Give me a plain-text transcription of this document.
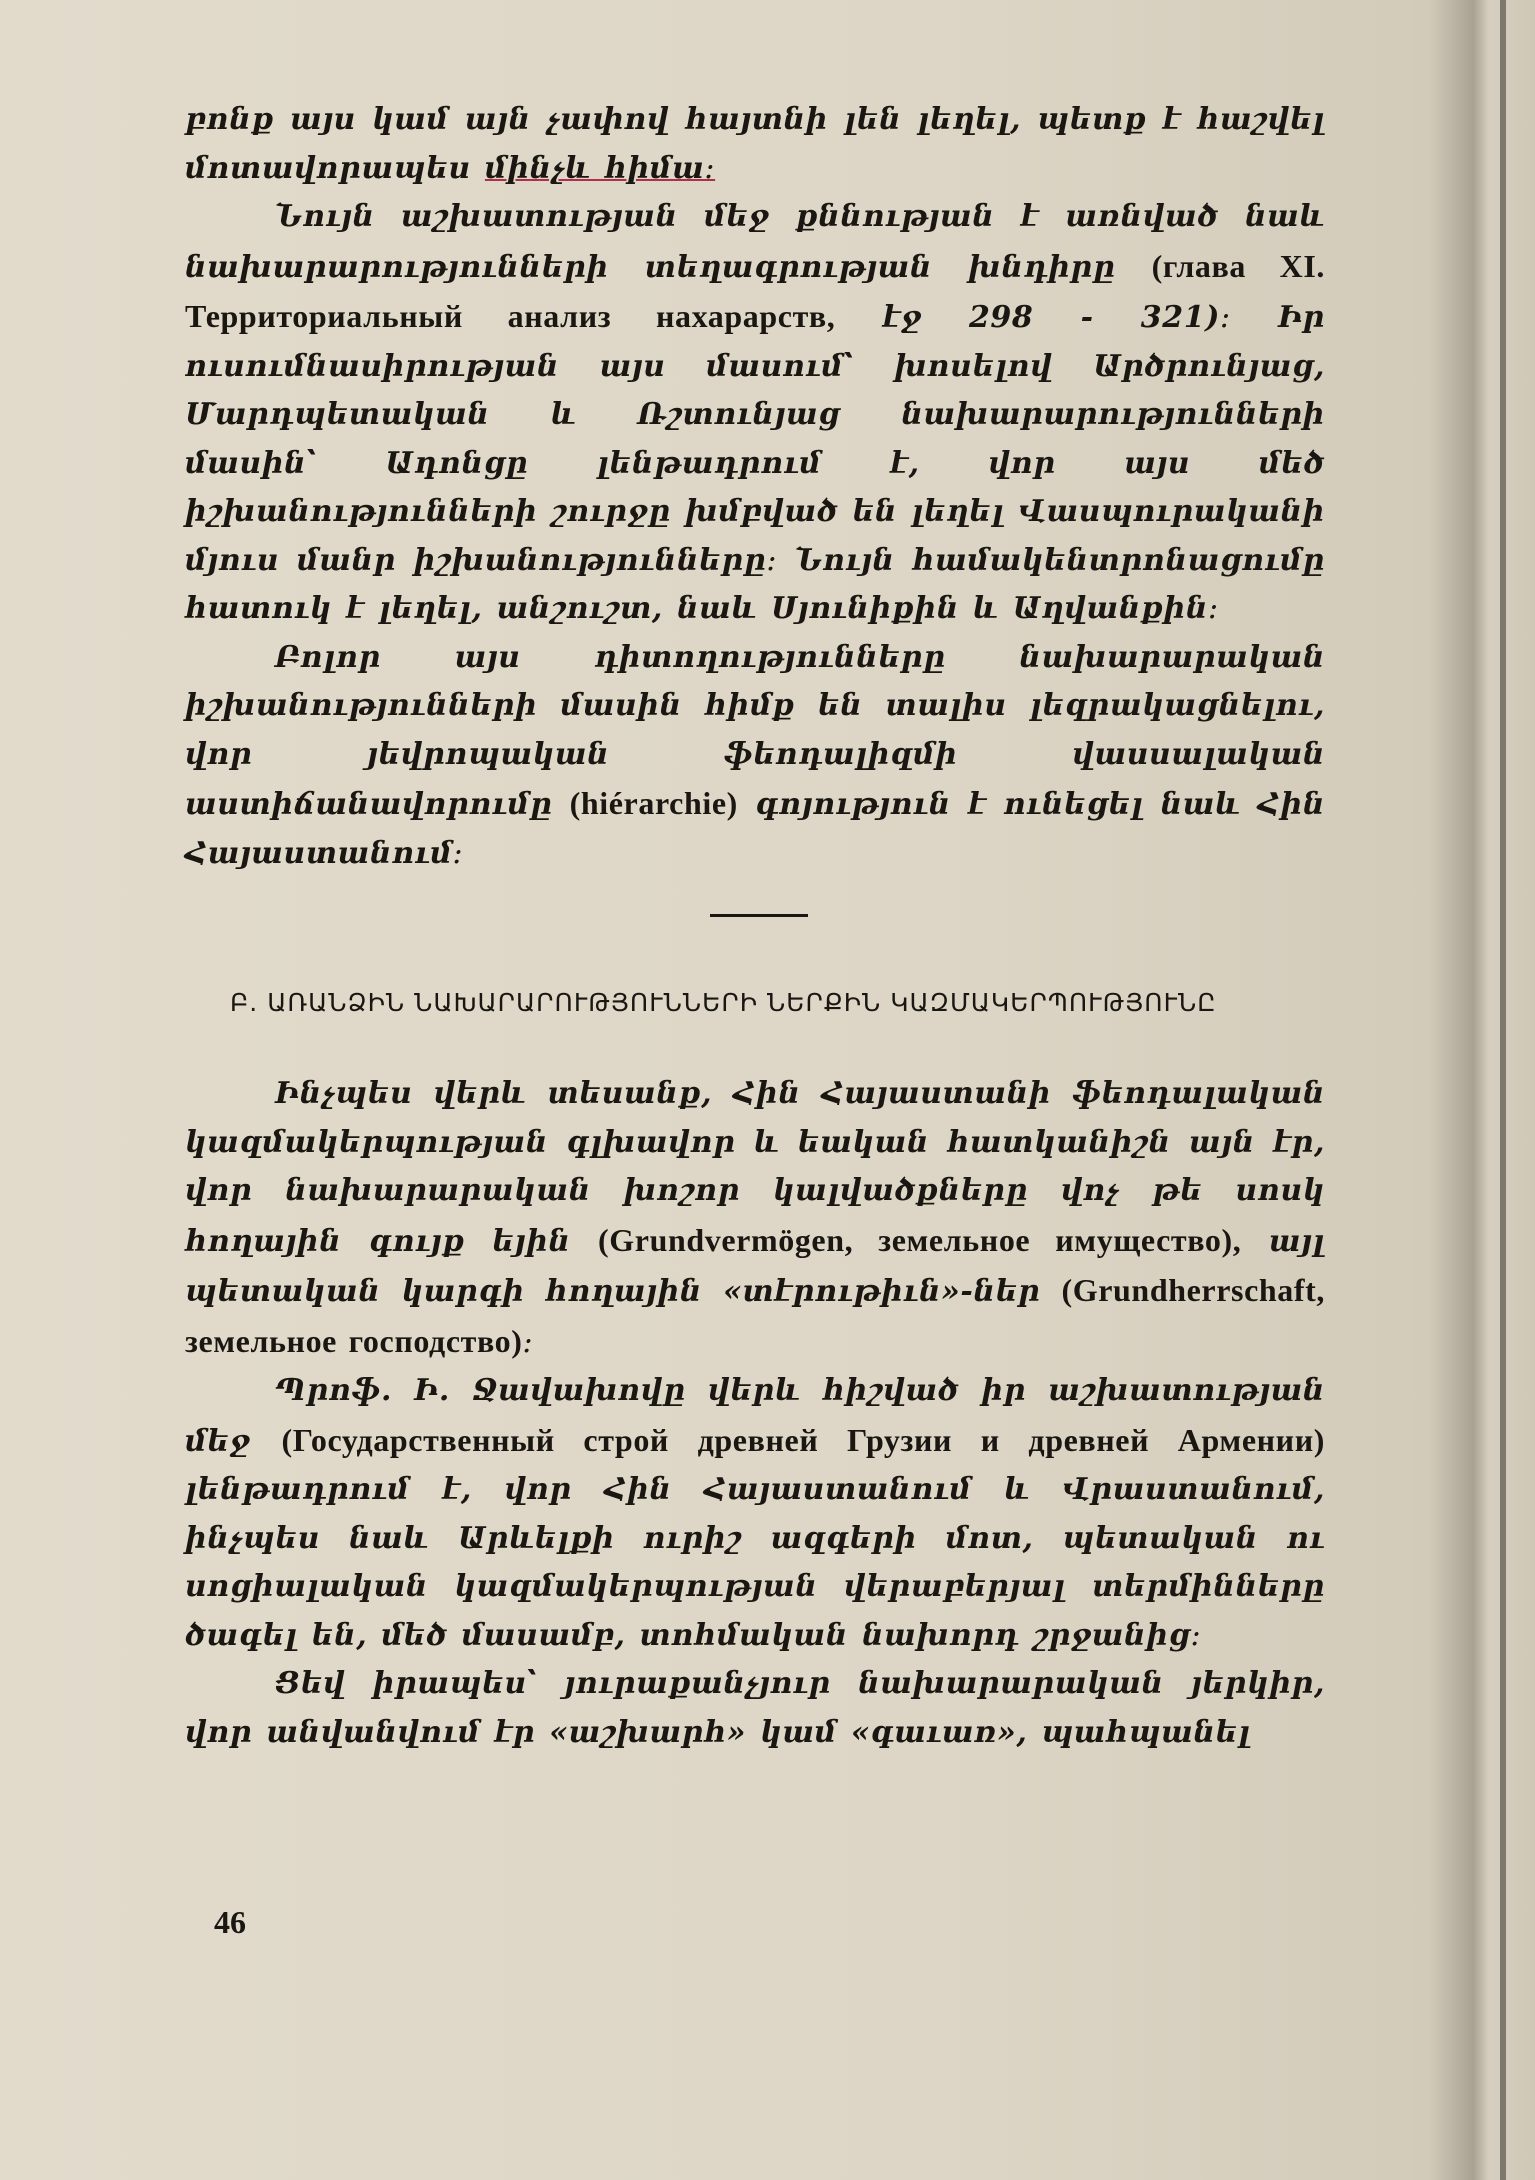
բոնք այս կամ այն չափով հայտնի լեն լեղել, պետք է հաշվել մոտավորապես մինչև հիմա։

Նույն աշխատության մեջ քննության է առնված նաև նախարարությունների տեղագրության խնդիրը (глава XI. Территориальный анализ нахарарств, էջ 298 - 321)։ Իր ուսումնասիրության այս մասում՝ խոսելով Արծրունյաց, Մարդպետական և Ռշտունյաց նախարարությունների մասին՝ Ադոնցը լենթադրում է, վոր այս մեծ իշխանությունների շուրջը խմբված են լեղել Վասպուրականի մյուս մանր իշխանությունները։ Նույն համակենտրոնացումը հատուկ է լեղել, անշուշտ, նաև Սյունիքին և Աղվանքին։

Բոլոր այս դիտողությունները նախարարական իշխանությունների մասին հիմք են տալիս լեզրակացնելու, վոր յեվրոպական ֆեոդալիզմի վասսալական աստիճանավորումը (hiérarchie) գոյություն է ունեցել նաև Հին Հայաստանում։

Բ. ԱՌԱՆՁԻՆ ՆԱԽԱՐԱՐՈՒԹՅՈՒՆՆԵՐԻ ՆԵՐՔԻՆ ԿԱԶՄԱԿԵՐՊՈՒԹՅՈՒՆԸ

Ինչպես վերև տեսանք, Հին Հայաստանի ֆեոդալական կազմակերպության գլխավոր և եական հատկանիշն այն էր, վոր նախարարական խոշոր կալվածքները վոչ թե սոսկ հողային գույք եյին (Grundvermögen, земельное имущество), այլ պետական կարգի հողային «տէրութիւն»-ներ (Grundherrschaft, земельное господство)։

Պրոֆ. Ի. Ջավախովը վերև հիշված իր աշխատության մեջ (Государственный строй древней Грузии и древней Армении) լենթադրում է, վոր Հին Հայաստանում և Վրաստանում, ինչպես նաև Արևելքի ուրիշ ազգերի մոտ, պետական ու սոցիալական կազմակերպության վերաբերյալ տերմինները ծագել են, մեծ մասամբ, տոհմական նախորդ շրջանից։

Ցեվ իրապես՝ յուրաքանչյուր նախարարական յերկիր, վոր անվանվում էր «աշխարհ» կամ «գաւառ», պահպանել

46
